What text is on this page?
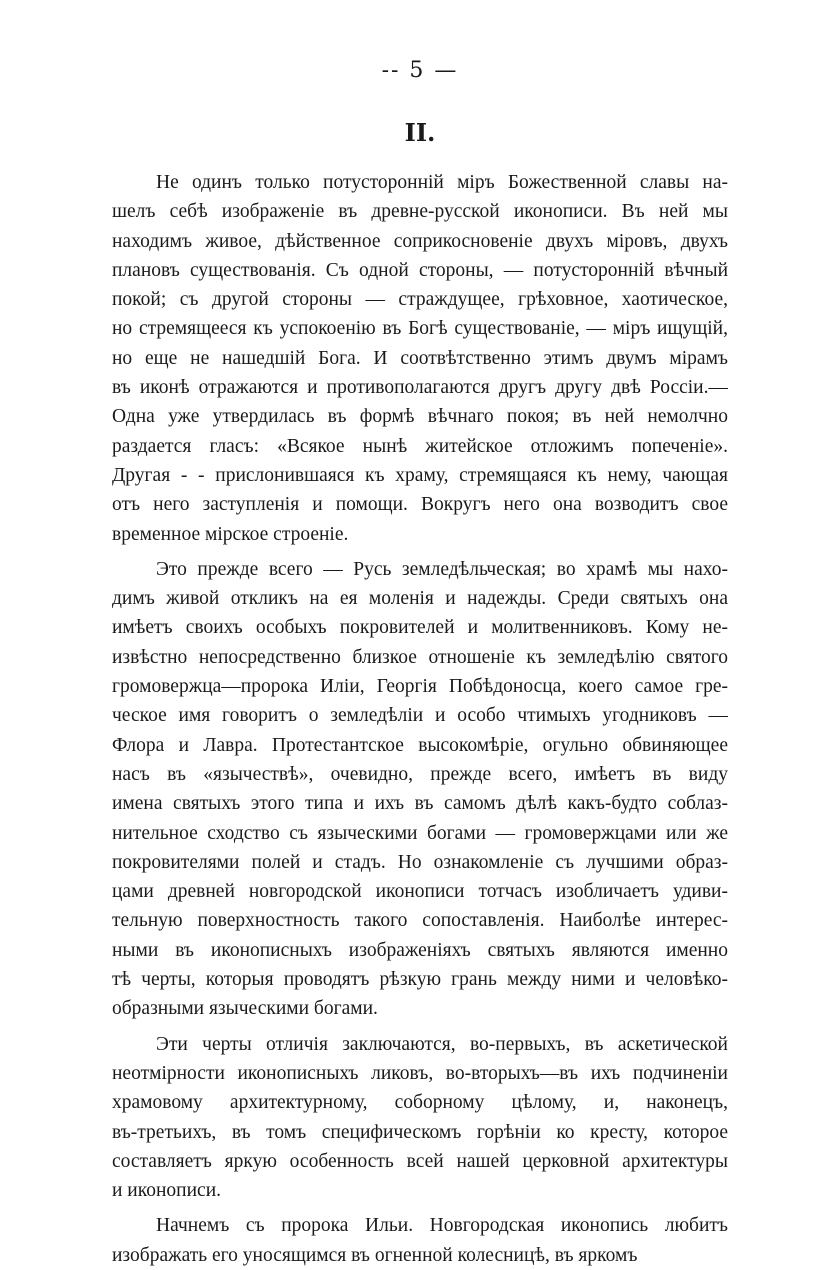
-- 5 —
II.
Не одинъ только потусторонній міръ Божественной славы на-
шелъ себѣ изображеніе въ древне-русской иконописи. Въ ней мы
находимъ живое, дѣйственное соприкосновеніе двухъ міровъ, двухъ
плановъ существованія. Съ одной стороны, — потусторонній вѣчный
покой; съ другой стороны — страждущее, грѣховное, хаотическое,
но стремящееся къ успокоенію въ Богѣ существованіе, — міръ ищущій,
но еще не нашедшій Бога. И соотвѣтственно этимъ двумъ мірамъ
въ иконѣ отражаются и противополагаются другъ другу двѣ Россіи.—
Одна уже утвердилась въ формѣ вѣчнаго покоя; въ ней немолчно
раздается гласъ: «Всякое нынѣ житейское отложимъ попеченіе».
Другая - - прислонившаяся къ храму, стремящаяся къ нему, чающая
отъ него заступленія и помощи. Вокругъ него она возводитъ свое
временное мірское строеніе.
Это прежде всего — Русь земледѣльческая; во храмѣ мы нахо-
димъ живой откликъ на ея моленія и надежды. Среди святыхъ она
имѣетъ своихъ особыхъ покровителей и молитвенниковъ. Кому не-
извѣстно непосредственно близкое отношеніе къ земледѣлію святого
громовержца—пророка Иліи, Георгія Побѣдоносца, коего самое гре-
ческое имя говоритъ о земледѣліи и особо чтимыхъ угодниковъ —
Флора и Лавра. Протестантское высокомѣріе, огульно обвиняющее
насъ въ «язычествѣ», очевидно, прежде всего, имѣетъ въ виду
имена святыхъ этого типа и ихъ въ самомъ дѣлѣ какъ-будто соблаз-
нительное сходство съ языческими богами — громовержцами или же
покровителями полей и стадъ. Но ознакомленіе съ лучшими образ-
цами древней новгородской иконописи тотчасъ изобличаетъ удиви-
тельную поверхностность такого сопоставленія. Наиболѣе интерес-
ными въ иконописныхъ изображеніяхъ святыхъ являются именно
тѣ черты, которыя проводятъ рѣзкую грань между ними и человѣко-
образными языческими богами.
Эти черты отличія заключаются, во-первыхъ, въ аскетической
неотмірности иконописныхъ ликовъ, во-вторыхъ—въ ихъ подчиненіи
храмовому архитектурному, соборному цѣлому, и, наконецъ,
въ-третьихъ, въ томъ специфическомъ горѣніи ко кресту, которое
составляетъ яркую особенность всей нашей церковной архитектуры
и иконописи.
Начнемъ съ пророка Ильи. Новгородская иконопись любитъ
изображать его уносящимся въ огненной колесницѣ, въ яркомъ
